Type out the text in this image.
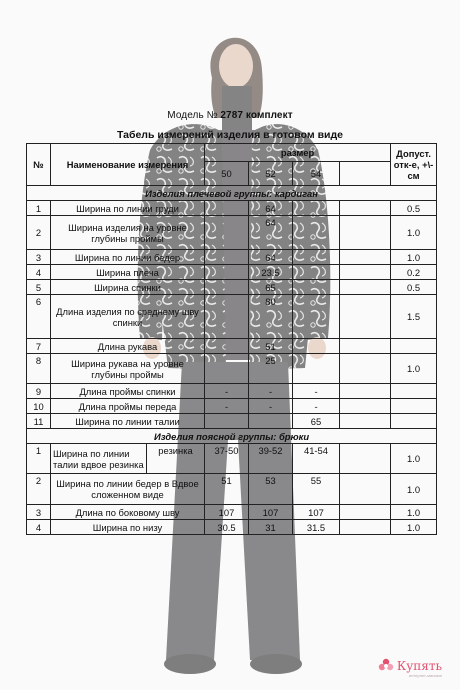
Модель № 2787 комплект
Табель измерений изделия в готовом виде
№	Наименование измерения		размер				Допуст. отк-е, +\-см
			50	52	54		
Изделия плечевой группы: кардиган							
1	Ширина по линии груди			64			0.5
2	Ширина изделия на уровне глубины проймы			64			1.0
3	Ширина по линии бедер			64			1.0
4	Ширина плеча			23.5			0.2
5	Ширина спинки			65			0.5
6	Длина изделия по среднему шву спинки			80			1.5
7	Длина рукава			51			
8	Ширина рукава на уровне глубины проймы			25			1.0
9	Длина проймы спинки		-	-	-		
10	Длина проймы переда		-	-	-		
11	Ширина по линии талии				65		
Изделия поясной группы: брюки							
1	Ширина по линии талии вдвое резинка	резинка	37-50	39-52	41-54		1.0
2	Ширина по линии бедер в Вдвое сложенном виде		51	53	55		1.0
3	Длина по боковому шву		107	107	107		1.0
4	Ширина по низу		30.5	31	31.5		1.0
Купять
интернет-магазин
